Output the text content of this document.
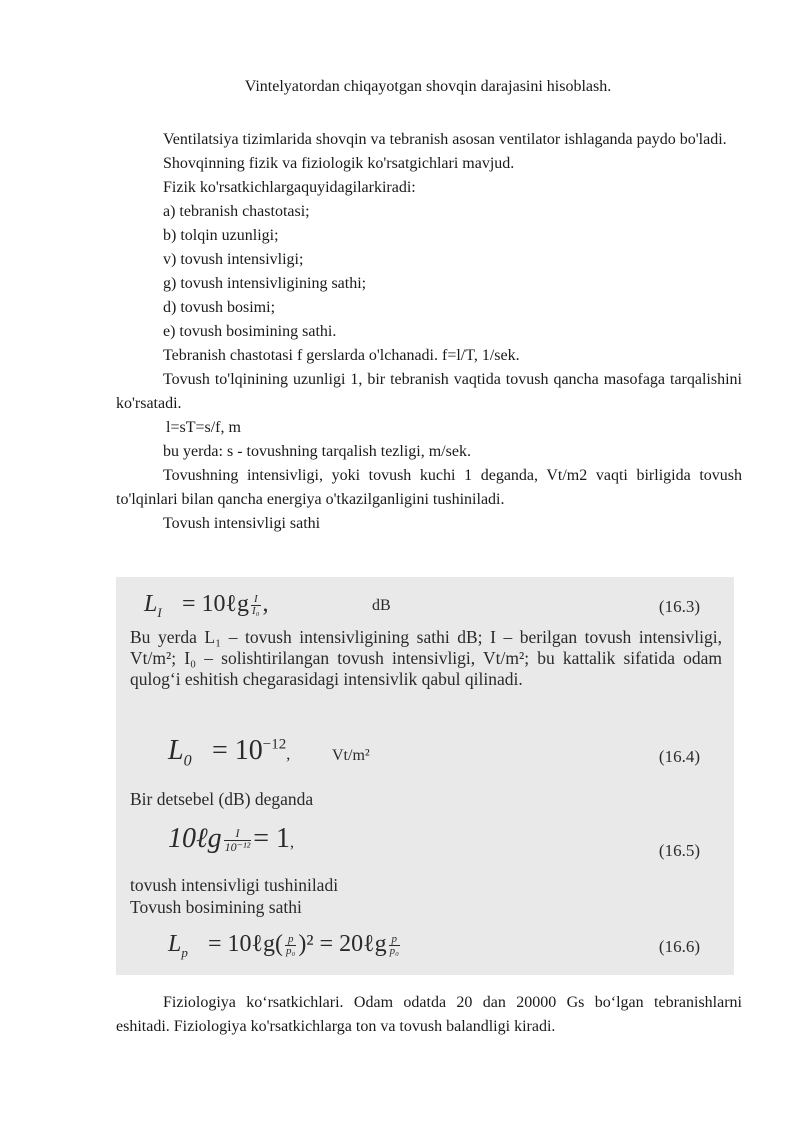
Vintelyatordan chiqayotgan shovqin darajasini hisoblash.

Ventilatsiya tizimlarida shovqin va tebranish asosan ventilator ishlaganda paydo bo'ladi.

Shovqinning fizik va fiziologik ko'rsatgichlari mavjud.

Fizik ko'rsatkichlargaquyidagilarkiradi:

a) tebranish chastotasi;

b) tolqin uzunligi;

v) tovush intensivligi;

g) tovush intensivligining sathi;

d) tovush bosimi;

e) tovush bosimining sathi.

Tebranish chastotasi f gerslarda o'lchanadi. f=l/T, 1/sek.

Tovush to'lqinining uzunligi 1, bir tebranish vaqtida tovush qancha masofaga tarqalishini ko'rsatadi.

l=sT=s/f, m

bu yerda: s - tovushning tarqalish tezligi, m/sek.

Tovushning intensivligi, yoki tovush kuchi 1 deganda, Vt/m2 vaqti birligida tovush to'lqinlari bilan qancha energiya o'tkazilganligini tushiniladi.

Tovush intensivligi sathi

$L_I$ = 10ℓg $\frac{I}{\text{I₀}}$ ,	dB	(16.3)
Bu yerda L₁ – tovush intensivligining sathi dB; I – berilgan tovush intensivligi, Vt/m²; I₀ – solishtirilangan tovush intensivligi, Vt/m²; bu kattalik sifatida odam qulog‘i eshitish chegarasidagi intensivlik qabul qilinadi.
$L_0 = 10^{-12}$,	Vt/m²	(16.4)
Bir detsebel (dB) deganda
10ℓg $\frac{I}{\text{10⁻¹²}} = 1$,	(16.5)
tovush intensivligi tushiniladi
Tovush bosimining sathi
$L_p$ = 10ℓg( $\frac{p}{\text{p₀}} )^2$ = 20ℓg $\frac{p}{\text{p₀}}$	(16.6)

Fiziologiya ko‘rsatkichlari. Odam odatda 20 dan 20000 Gs bo‘lgan tebranishlarni eshitadi. Fiziologiya ko'rsatkichlarga ton va tovush balandligi kiradi.
